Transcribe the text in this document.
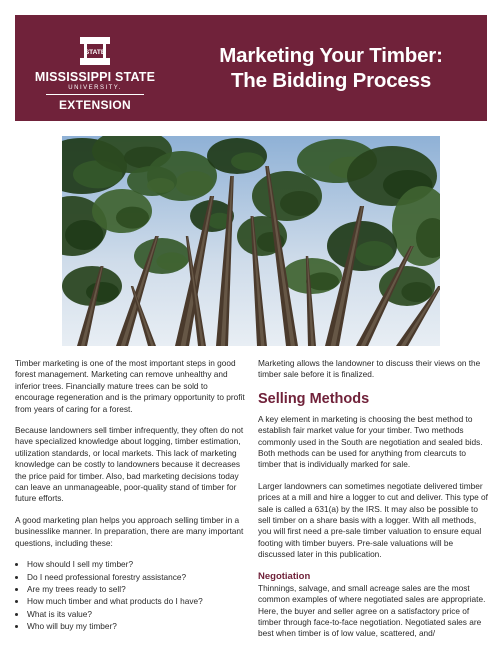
STATE
MISSISSIPPI STATE
UNIVERSITY.
EXTENSION
Marketing Your Timber:
The Bidding Process

Timber marketing is one of the most important steps in good forest management. Marketing can remove unhealthy and inferior trees. Financially mature trees can be sold to encourage regeneration and is the primary opportunity to profit from years of caring for a forest.

Because landowners sell timber infrequently, they often do not have specialized knowledge about logging, timber estimation, utilization standards, or local markets. This lack of marketing knowledge can be costly to landowners because it decreases the price paid for timber. Also, bad marketing decisions today can leave an unmanageable, poor-quality stand of timber for future efforts.

A good marketing plan helps you approach selling timber in a businesslike manner. In preparation, there are many important questions, including these:

• How should I sell my timber?
• Do I need professional forestry assistance?
• Are my trees ready to sell?
• How much timber and what products do I have?
• What is its value?
• Who will buy my timber?

Marketing allows the landowner to discuss their views on the timber sale before it is finalized.

Selling Methods

A key element in marketing is choosing the best method to establish fair market value for your timber. Two methods commonly used in the South are negotiation and sealed bids. Both methods can be used for anything from clearcuts to timber that is individually marked for sale.

Larger landowners can sometimes negotiate delivered timber prices at a mill and hire a logger to cut and deliver. This type of sale is called a 631(a) by the IRS. It may also be possible to sell timber on a share basis with a logger. With all methods, you will first need a pre-sale timber valuation to ensure equal footing with timber buyers. Pre-sale valuations will be discussed later in this publication.

Negotiation

Thinnings, salvage, and small acreage sales are the most common examples of where negotiated sales are appropriate. Here, the buyer and seller agree on a satisfactory price of timber through face-to-face negotiation. Negotiated sales are best when timber is of low value, scattered, and/
